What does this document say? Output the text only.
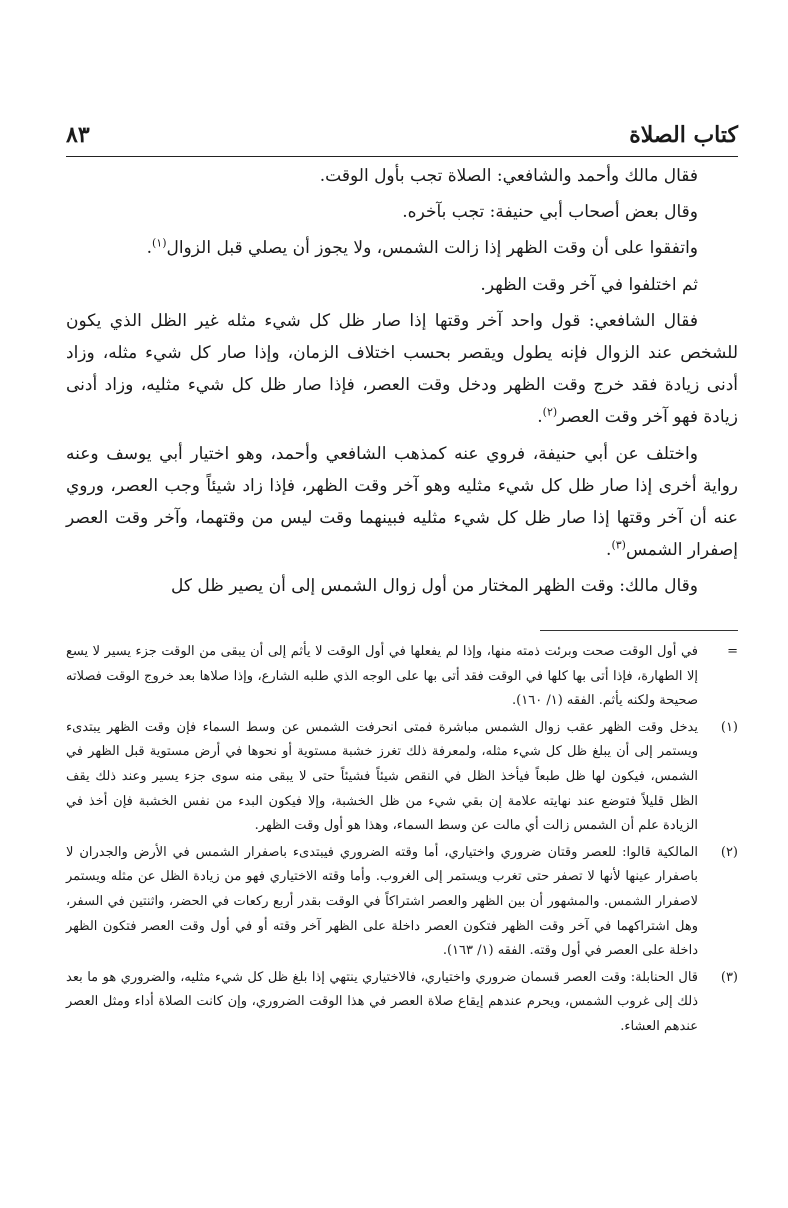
كتاب الصلاة
٨٣

فقال مالك وأحمد والشافعي: الصلاة تجب بأول الوقت.

وقال بعض أصحاب أبي حنيفة: تجب بآخره.

واتفقوا على أن وقت الظهر إذا زالت الشمس، ولا يجوز أن يصلي قبل الزوال$^{(١)}$.

ثم اختلفوا في آخر وقت الظهر.

فقال الشافعي: قول واحد آخر وقتها إذا صار ظل كل شيء مثله غير الظل الذي يكون للشخص عند الزوال فإنه يطول ويقصر بحسب اختلاف الزمان، وإذا صار كل شيء مثله، وزاد أدنى زيادة فقد خرج وقت الظهر ودخل وقت العصر، فإذا صار ظل كل شيء مثليه، وزاد أدنى زيادة فهو آخر وقت العصر$^{(٢)}$.

واختلف عن أبي حنيفة، فروي عنه كمذهب الشافعي وأحمد، وهو اختيار أبي يوسف وعنه رواية أخرى إذا صار ظل كل شيء مثليه وهو آخر وقت الظهر، فإذا زاد شيئاً وجب العصر، وروي عنه أن آخر وقتها إذا صار ظل كل شيء مثليه فبينهما وقت ليس من وقتهما، وآخر وقت العصر إصفرار الشمس$^{(٣)}$.

وقال مالك: وقت الظهر المختار من أول زوال الشمس إلى أن يصير ظل كل

=
في أول الوقت صحت وبرئت ذمته منها، وإذا لم يفعلها في أول الوقت لا يأثم إلى أن يبقى من الوقت جزء يسير لا يسع إلا الطهارة، فإذا أتى بها كلها في الوقت فقد أتى بها على الوجه الذي طلبه الشارع، وإذا صلاها بعد خروج الوقت فصلاته صحيحة ولكنه يأثم. الفقه (١/ ١٦٠).
(١)
يدخل وقت الظهر عقب زوال الشمس مباشرة فمتى انحرفت الشمس عن وسط السماء فإن وقت الظهر يبتدىء ويستمر إلى أن يبلغ ظل كل شيء مثله، ولمعرفة ذلك تغرز خشبة مستوية أو نحوها في أرض مستوية قبل الظهر في الشمس، فيكون لها ظل طبعاً فيأخذ الظل في النقص شيئاً فشيئاً حتى لا يبقى منه سوى جزء يسير وعند ذلك يقف الظل قليلاً فتوضع عند نهايته علامة إن بقي شيء من ظل الخشبة، وإلا فيكون البدء من نفس الخشبة فإن أخذ في الزيادة علم أن الشمس زالت أي مالت عن وسط السماء، وهذا هو أول وقت الظهر.
(٢)
المالكية قالوا: للعصر وقتان ضروري واختياري، أما وقته الضروري فيبتدىء باصفرار الشمس في الأرض والجدران لا باصفرار عينها لأنها لا تصفر حتى تغرب ويستمر إلى الغروب. وأما وقته الاختياري فهو من زيادة الظل عن مثله ويستمر لاصفرار الشمس. والمشهور أن بين الظهر والعصر اشتراكاً في الوقت بقدر أربع ركعات في الحضر، واثنتين في السفر، وهل اشتراكهما في آخر وقت الظهر فتكون العصر داخلة على الظهر آخر وقته أو في أول وقت العصر فتكون الظهر داخلة على العصر في أول وقته. الفقه (١/ ١٦٣).
(٣)
قال الحنابلة: وقت العصر قسمان ضروري واختياري، فالاختياري ينتهي إذا بلغ ظل كل شيء مثليه، والضروري هو ما بعد ذلك إلى غروب الشمس، ويحرم عندهم إيقاع صلاة العصر في هذا الوقت الضروري، وإن كانت الصلاة أداء ومثل العصر عندهم العشاء.
